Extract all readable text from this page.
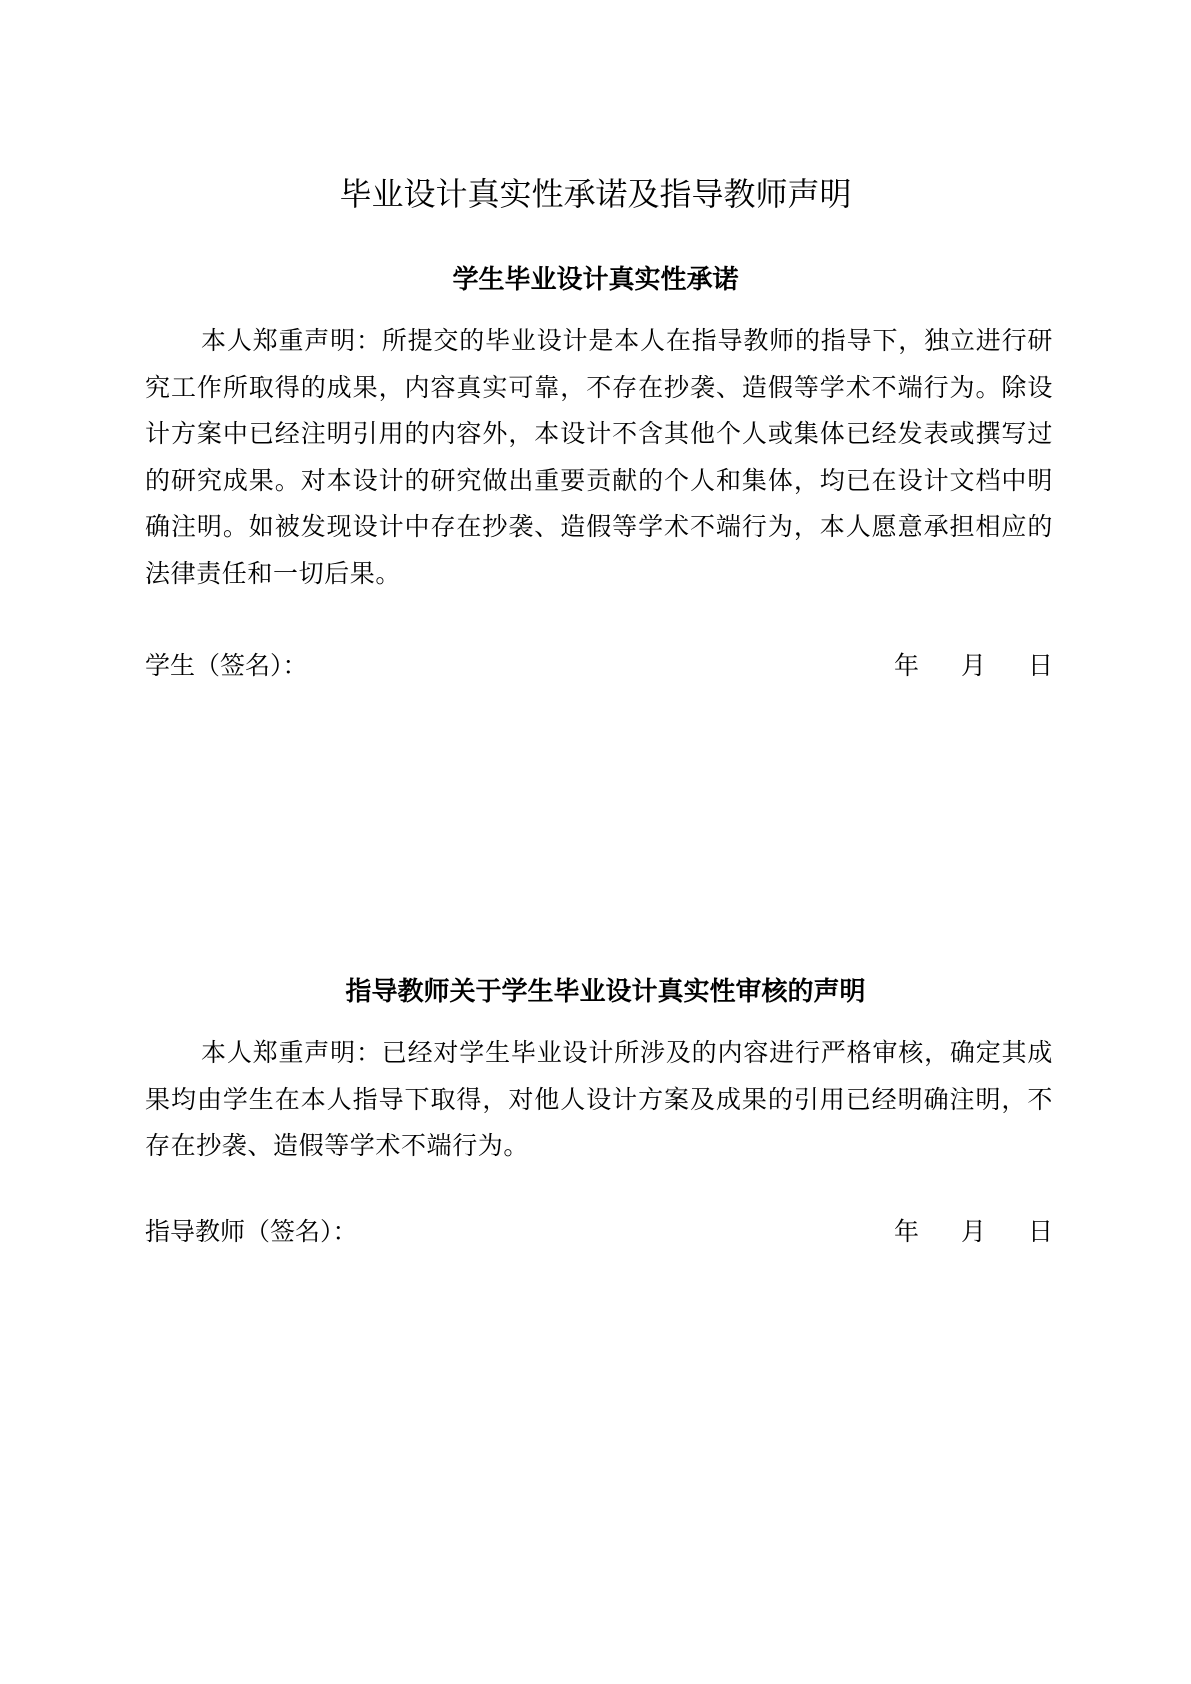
毕业设计真实性承诺及指导教师声明
学生毕业设计真实性承诺

本人郑重声明：所提交的毕业设计是本人在指导教师的指导下，独立进行研究工作所取得的成果，内容真实可靠，不存在抄袭、造假等学术不端行为。除设计方案中已经注明引用的内容外，本设计不含其他个人或集体已经发表或撰写过的研究成果。对本设计的研究做出重要贡献的个人和集体，均已在设计文档中明确注明。如被发现设计中存在抄袭、造假等学术不端行为，本人愿意承担相应的法律责任和一切后果。

学生（签名）：	年 月 日
指导教师关于学生毕业设计真实性审核的声明

本人郑重声明：已经对学生毕业设计所涉及的内容进行严格审核，确定其成果均由学生在本人指导下取得，对他人设计方案及成果的引用已经明确注明，不存在抄袭、造假等学术不端行为。

指导教师（签名）：	年 月 日
